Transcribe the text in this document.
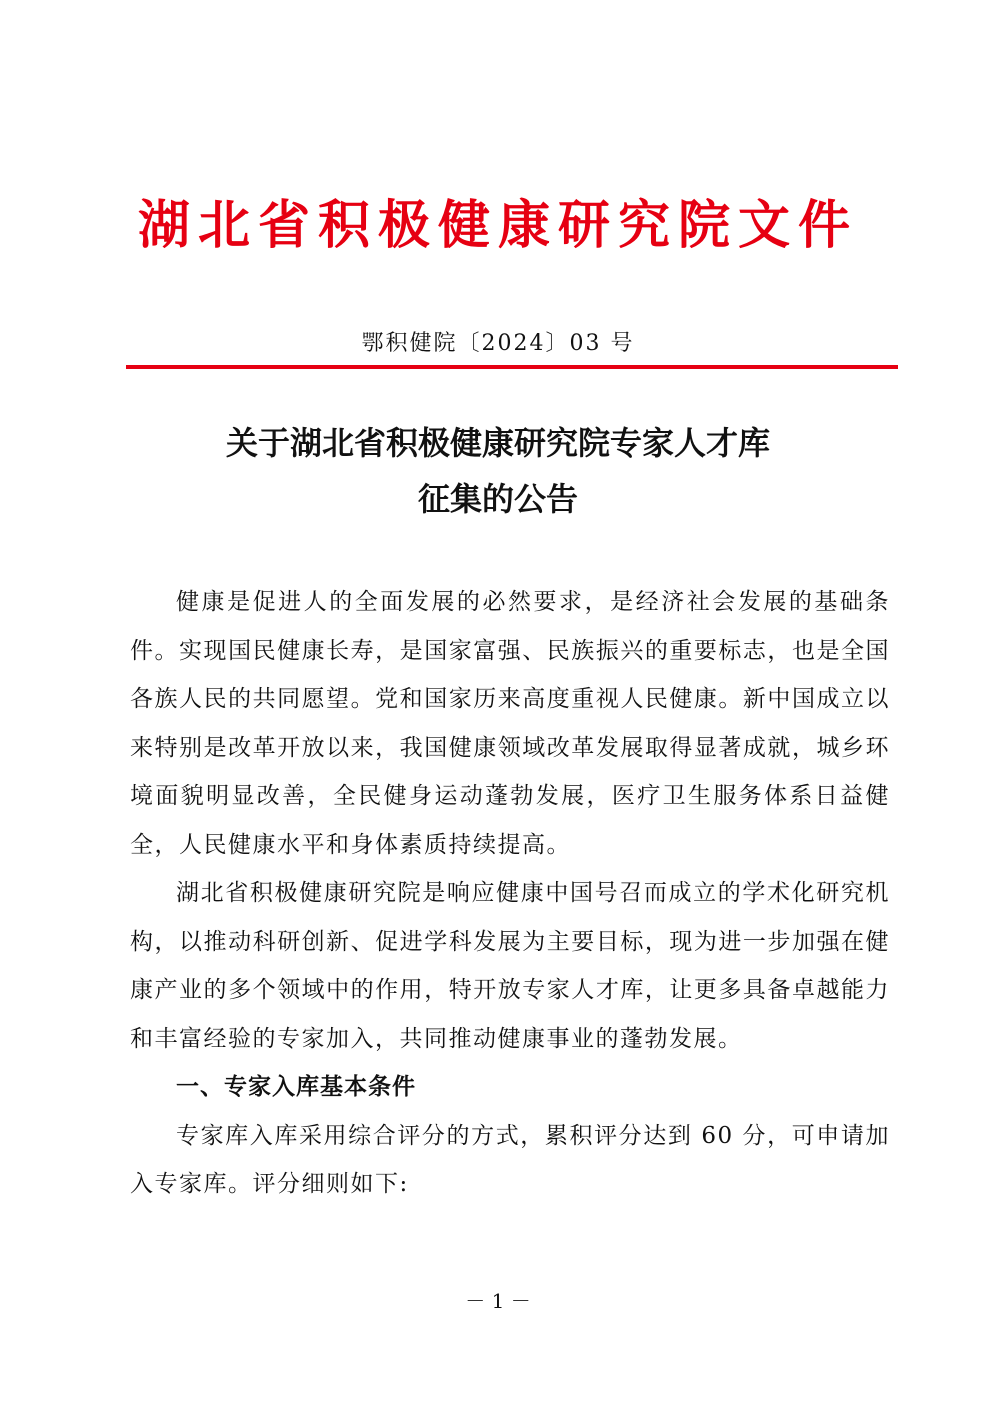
湖北省积极健康研究院文件
鄂积健院〔2024〕03 号
关于湖北省积极健康研究院专家人才库
征集的公告

健康是促进人的全面发展的必然要求，是经济社会发展的基础条件。实现国民健康长寿，是国家富强、民族振兴的重要标志，也是全国各族人民的共同愿望。党和国家历来高度重视人民健康。新中国成立以来特别是改革开放以来，我国健康领域改革发展取得显著成就，城乡环境面貌明显改善，全民健身运动蓬勃发展，医疗卫生服务体系日益健全，人民健康水平和身体素质持续提高。

湖北省积极健康研究院是响应健康中国号召而成立的学术化研究机构，以推动科研创新、促进学科发展为主要目标，现为进一步加强在健康产业的多个领域中的作用，特开放专家人才库，让更多具备卓越能力和丰富经验的专家加入，共同推动健康事业的蓬勃发展。

一、专家入库基本条件

专家库入库采用综合评分的方式，累积评分达到 60 分，可申请加入专家库。评分细则如下:

－ 1 －
